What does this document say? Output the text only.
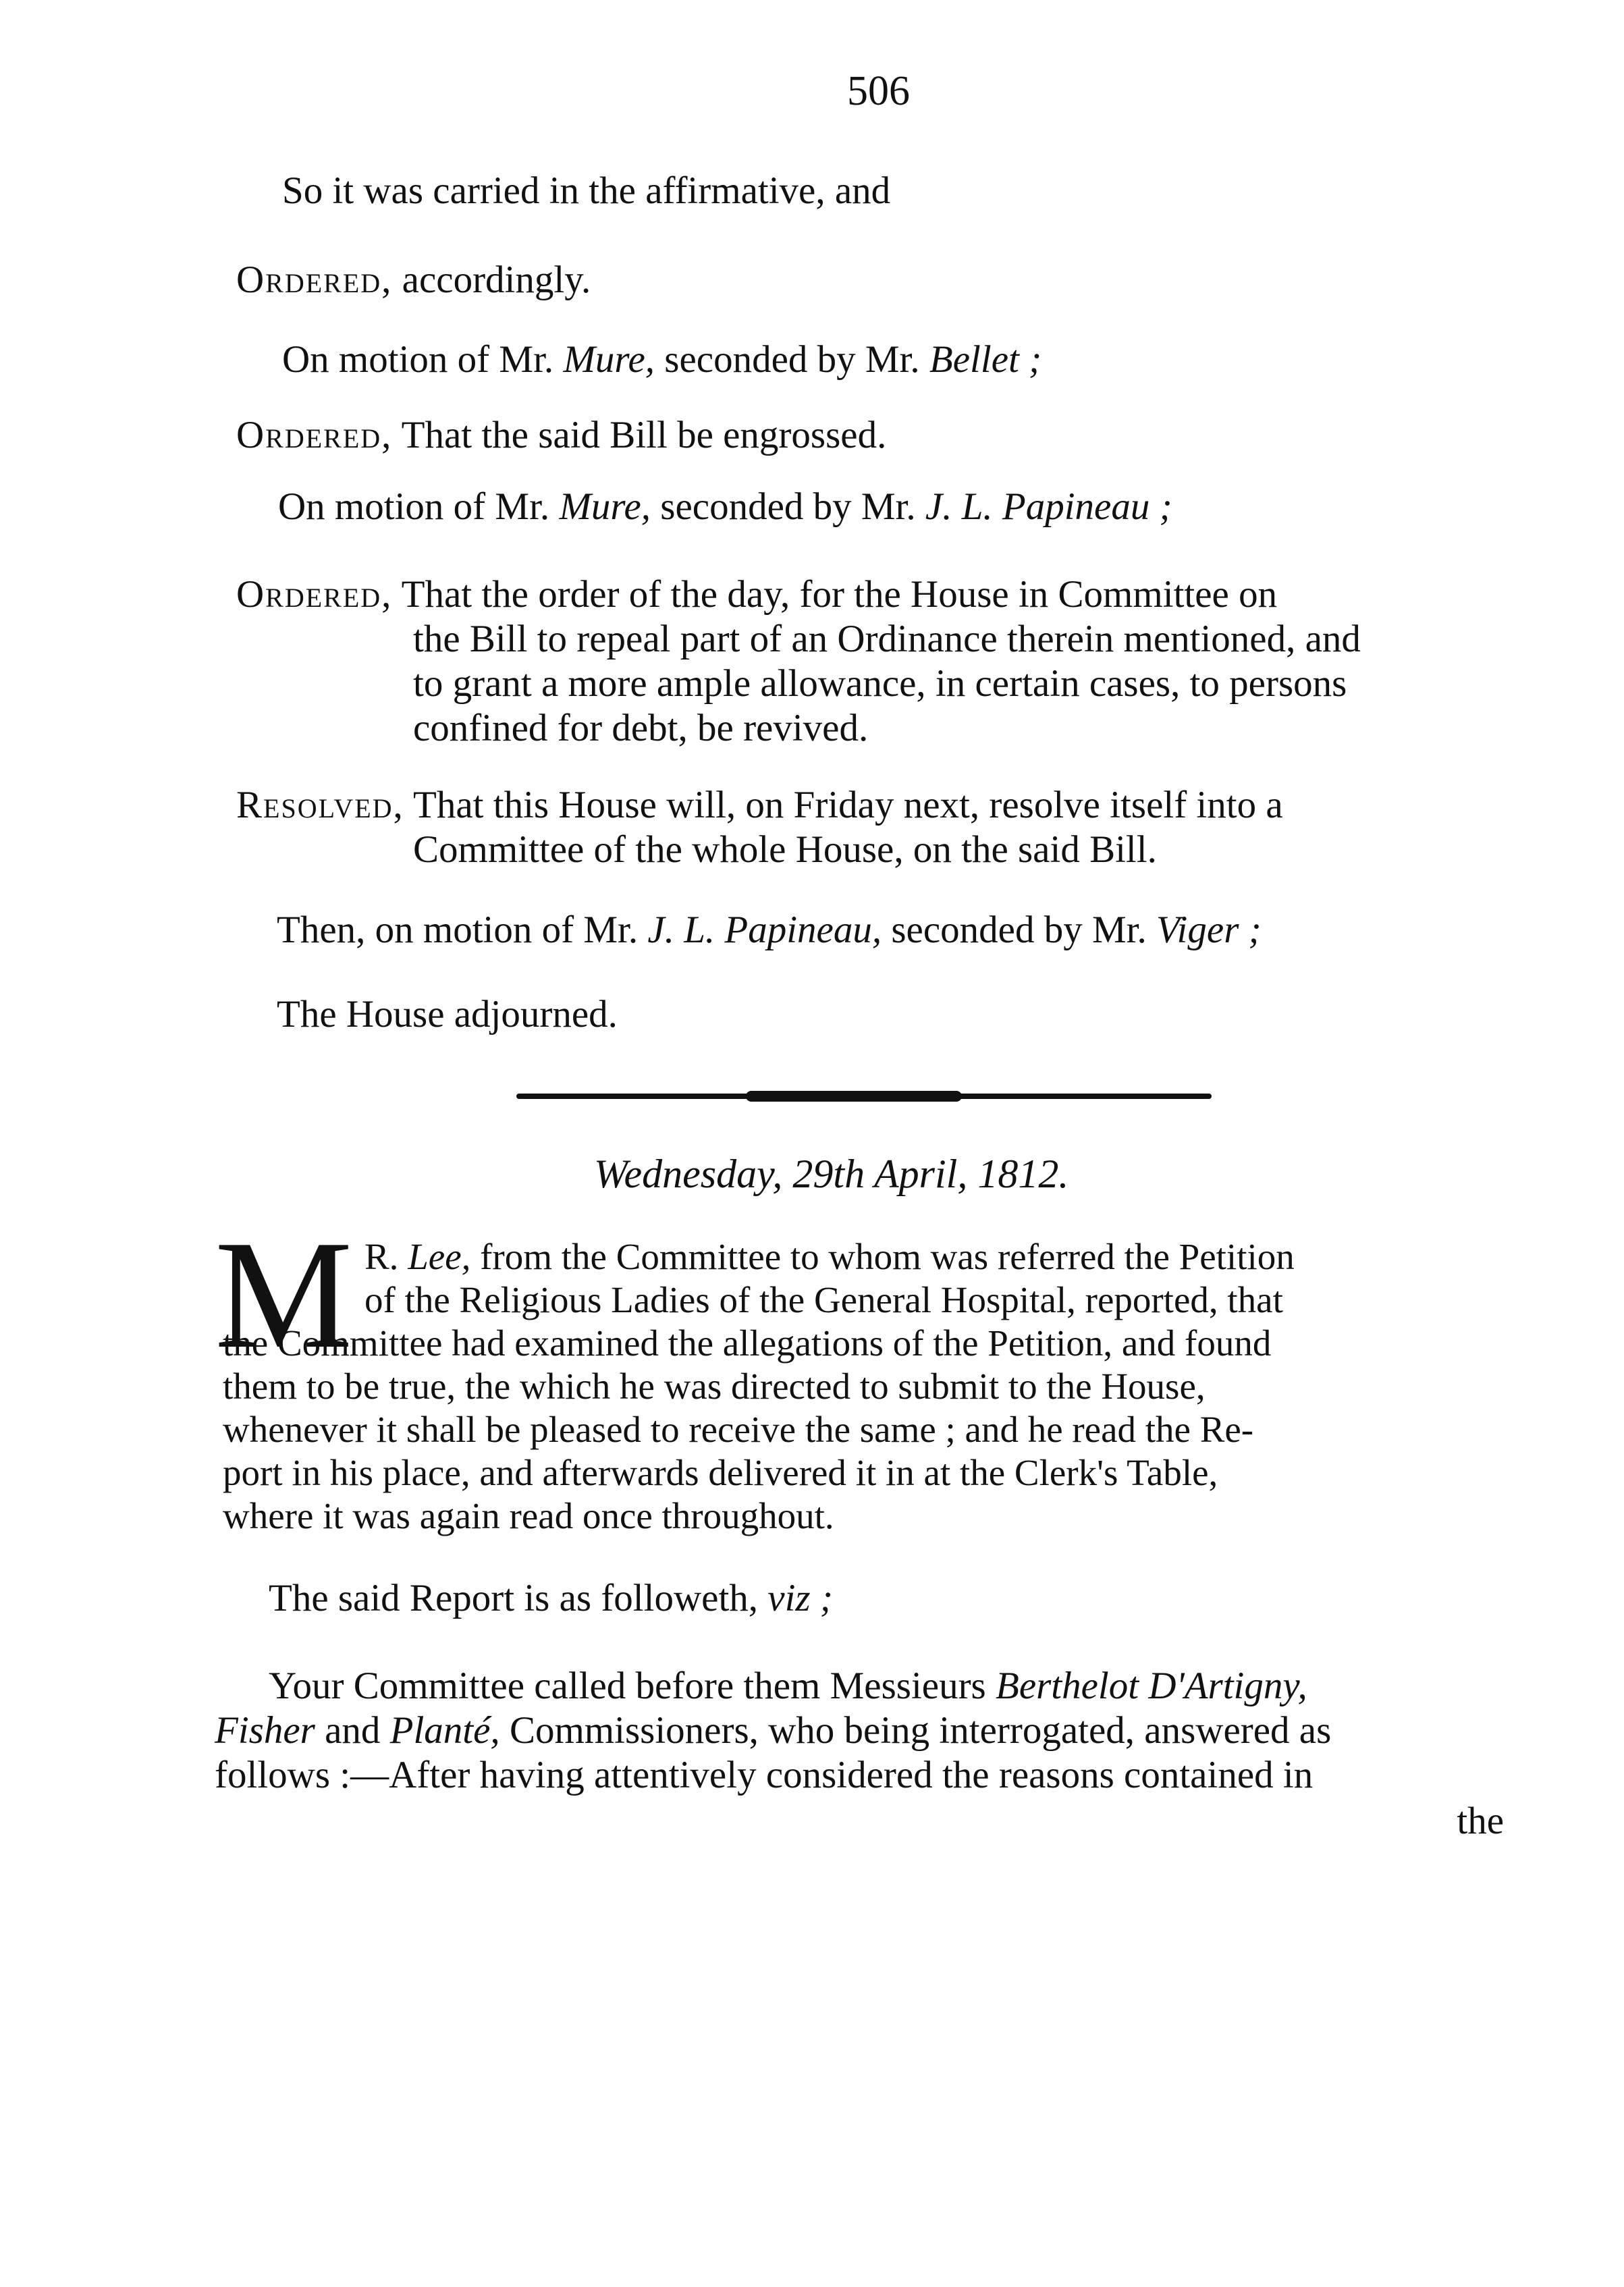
506
So it was carried in the affirmative, and
Ordered, accordingly.
On motion of Mr. Mure, seconded by Mr. Bellet ;
Ordered, That the said Bill be engrossed.
On motion of Mr. Mure, seconded by Mr. J. L. Papineau ;
Ordered, That the order of the day, for the House in Committee on
the Bill to repeal part of an Ordinance therein mentioned, and
to grant a more ample allowance, in certain cases, to persons
confined for debt, be revived.
Resolved, That this House will, on Friday next, resolve itself into a
Committee of the whole House, on the said Bill.
Then, on motion of Mr. J. L. Papineau, seconded by Mr. Viger ;
The House adjourned.
Wednesday, 29th April, 1812.
M R. Lee, from the Committee to whom was referred the Petition
of the Religious Ladies of the General Hospital, reported, that
the Committee had examined the allegations of the Petition, and found
them to be true, the which he was directed to submit to the House,
whenever it shall be pleased to receive the same ; and he read the Re-
port in his place, and afterwards delivered it in at the Clerk's Table,
where it was again read once throughout.
The said Report is as followeth, viz ;
Your Committee called before them Messieurs Berthelot D'Artigny,
Fisher and Planté, Commissioners, who being interrogated, answered as
follows :—After having attentively considered the reasons contained in
the
